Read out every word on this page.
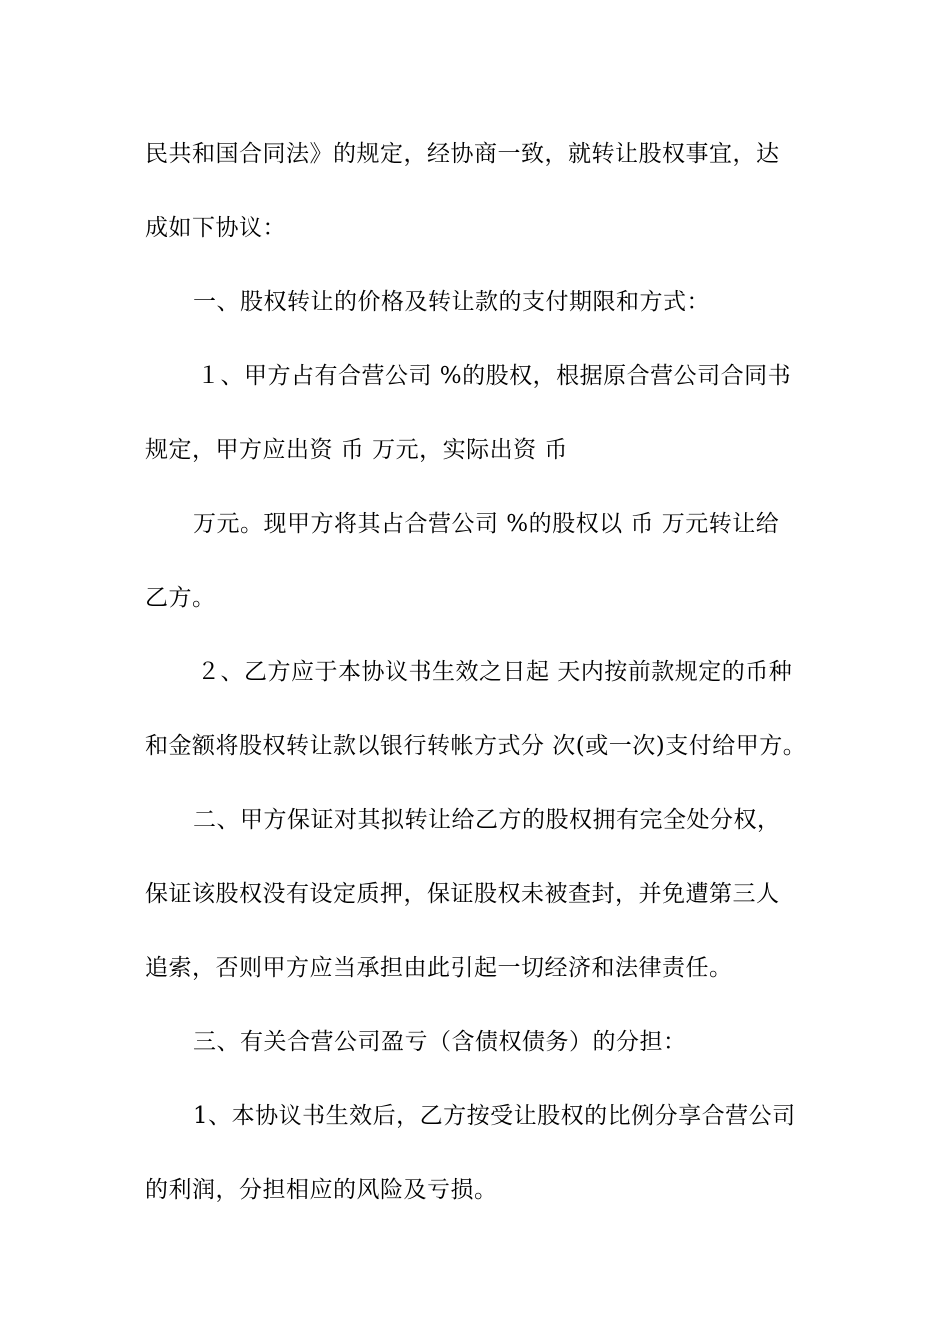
民共和国合同法》的规定，经协商一致，就转让股权事宜，达
成如下协议：
一、股权转让的价格及转让款的支付期限和方式：
１、甲方占有合营公司 %的股权，根据原合营公司合同书
规定，甲方应出资 币 万元，实际出资 币
万元。现甲方将其占合营公司 %的股权以 币 万元转让给
乙方。
２、乙方应于本协议书生效之日起 天内按前款规定的币种
和金额将股权转让款以银行转帐方式分 次(或一次)支付给甲方。
二、甲方保证对其拟转让给乙方的股权拥有完全处分权，
保证该股权没有设定质押，保证股权未被查封，并免遭第三人
追索，否则甲方应当承担由此引起一切经济和法律责任。
三、有关合营公司盈亏（含债权债务）的分担：
1、本协议书生效后，乙方按受让股权的比例分享合营公司
的利润，分担相应的风险及亏损。
